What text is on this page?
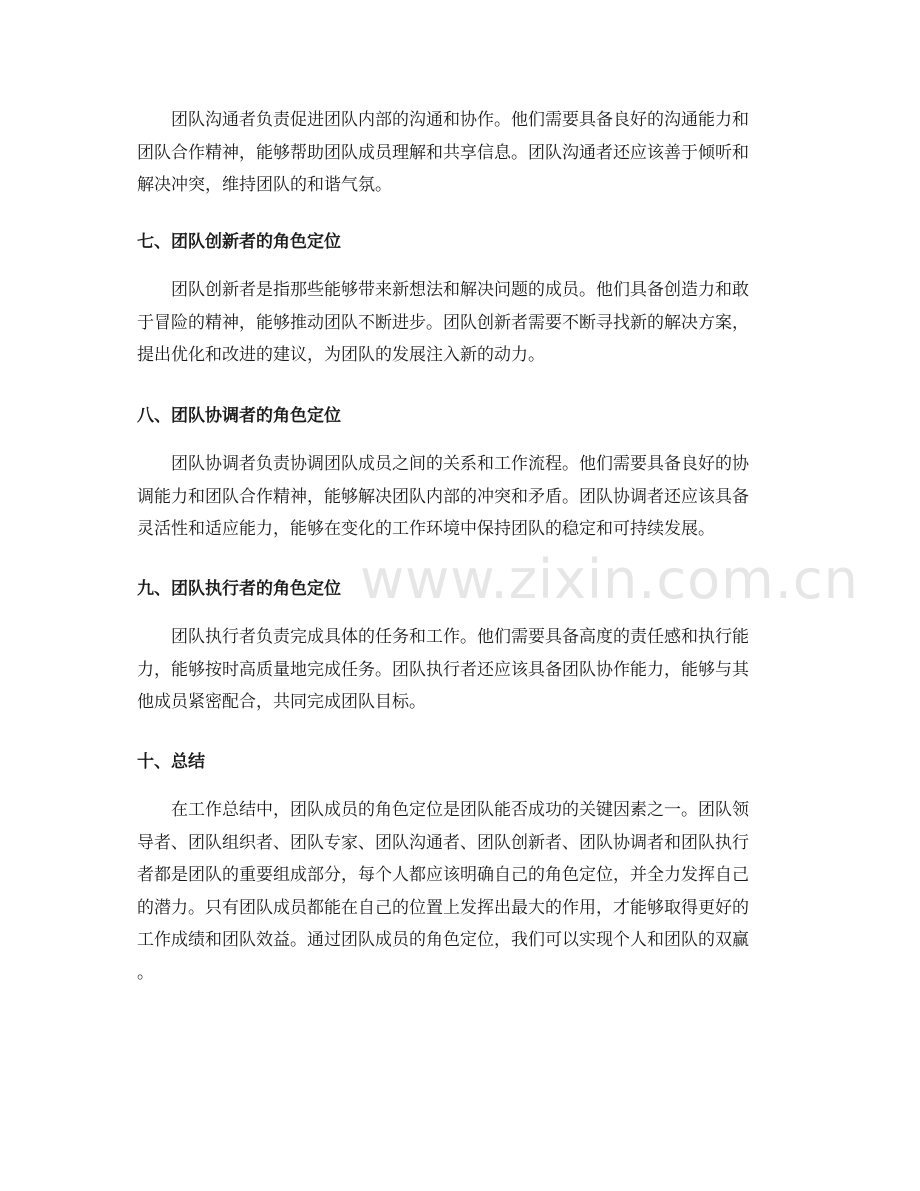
www.zixin.com.cn

团队沟通者负责促进团队内部的沟通和协作。他们需要具备良好的沟通能力和
团队合作精神，能够帮助团队成员理解和共享信息。团队沟通者还应该善于倾听和
解决冲突，维持团队的和谐气氛。

七、团队创新者的角色定位

团队创新者是指那些能够带来新想法和解决问题的成员。他们具备创造力和敢
于冒险的精神，能够推动团队不断进步。团队创新者需要不断寻找新的解决方案，
提出优化和改进的建议，为团队的发展注入新的动力。

八、团队协调者的角色定位

团队协调者负责协调团队成员之间的关系和工作流程。他们需要具备良好的协
调能力和团队合作精神，能够解决团队内部的冲突和矛盾。团队协调者还应该具备
灵活性和适应能力，能够在变化的工作环境中保持团队的稳定和可持续发展。

九、团队执行者的角色定位

团队执行者负责完成具体的任务和工作。他们需要具备高度的责任感和执行能
力，能够按时高质量地完成任务。团队执行者还应该具备团队协作能力，能够与其
他成员紧密配合，共同完成团队目标。

十、总结

在工作总结中，团队成员的角色定位是团队能否成功的关键因素之一。团队领
导者、团队组织者、团队专家、团队沟通者、团队创新者、团队协调者和团队执行
者都是团队的重要组成部分，每个人都应该明确自己的角色定位，并全力发挥自己
的潜力。只有团队成员都能在自己的位置上发挥出最大的作用，才能够取得更好的
工作成绩和团队效益。通过团队成员的角色定位，我们可以实现个人和团队的双赢
。
